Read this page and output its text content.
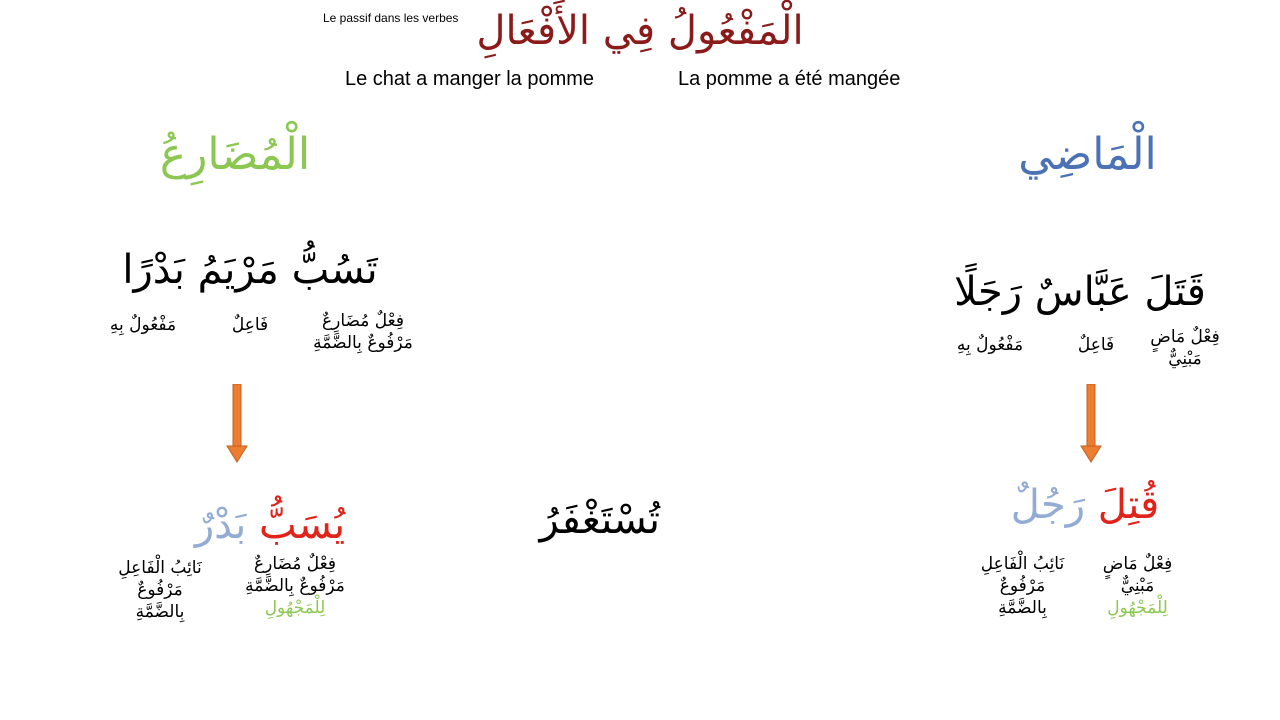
Le passif dans les verbes الْمَفْعُولُ فِي الأَفْعَالِ
Le chat a manger la pomme	La pomme a été mangée
الْمُضَارِعُ	الْمَاضِي
تَسُبُّ مَرْيَمُ بَدْرًا
فِعْلٌ مُضَارِعٌ
مَرْفُوعٌ بِالضَّمَّةِ
فَاعِلٌ
مَفْعُولٌ بِهِ
قَتَلَ عَبَّاسٌ رَجَلًا
فِعْلٌ مَاضٍ
مَبْنِيٌّ
فَاعِلٌ
مَفْعُولٌ بِهِ
تُسْتَغْفَرُ
يُسَبُّ بَدْرٌ
فِعْلٌ مُضَارِعٌ
مَرْفُوعٌ بِالضَّمَّةِ
لِلْمَجْهُولِ
نَائِبُ الْفَاعِلِ
مَرْفُوعٌ
بِالضَّمَّةِ
قُتِلَ رَجُلٌ
فِعْلٌ مَاضٍ
مَبْنِيٌّ
لِلْمَجْهُولِ
نَائِبُ الْفَاعِلِ
مَرْفُوعٌ
بِالضَّمَّةِ
